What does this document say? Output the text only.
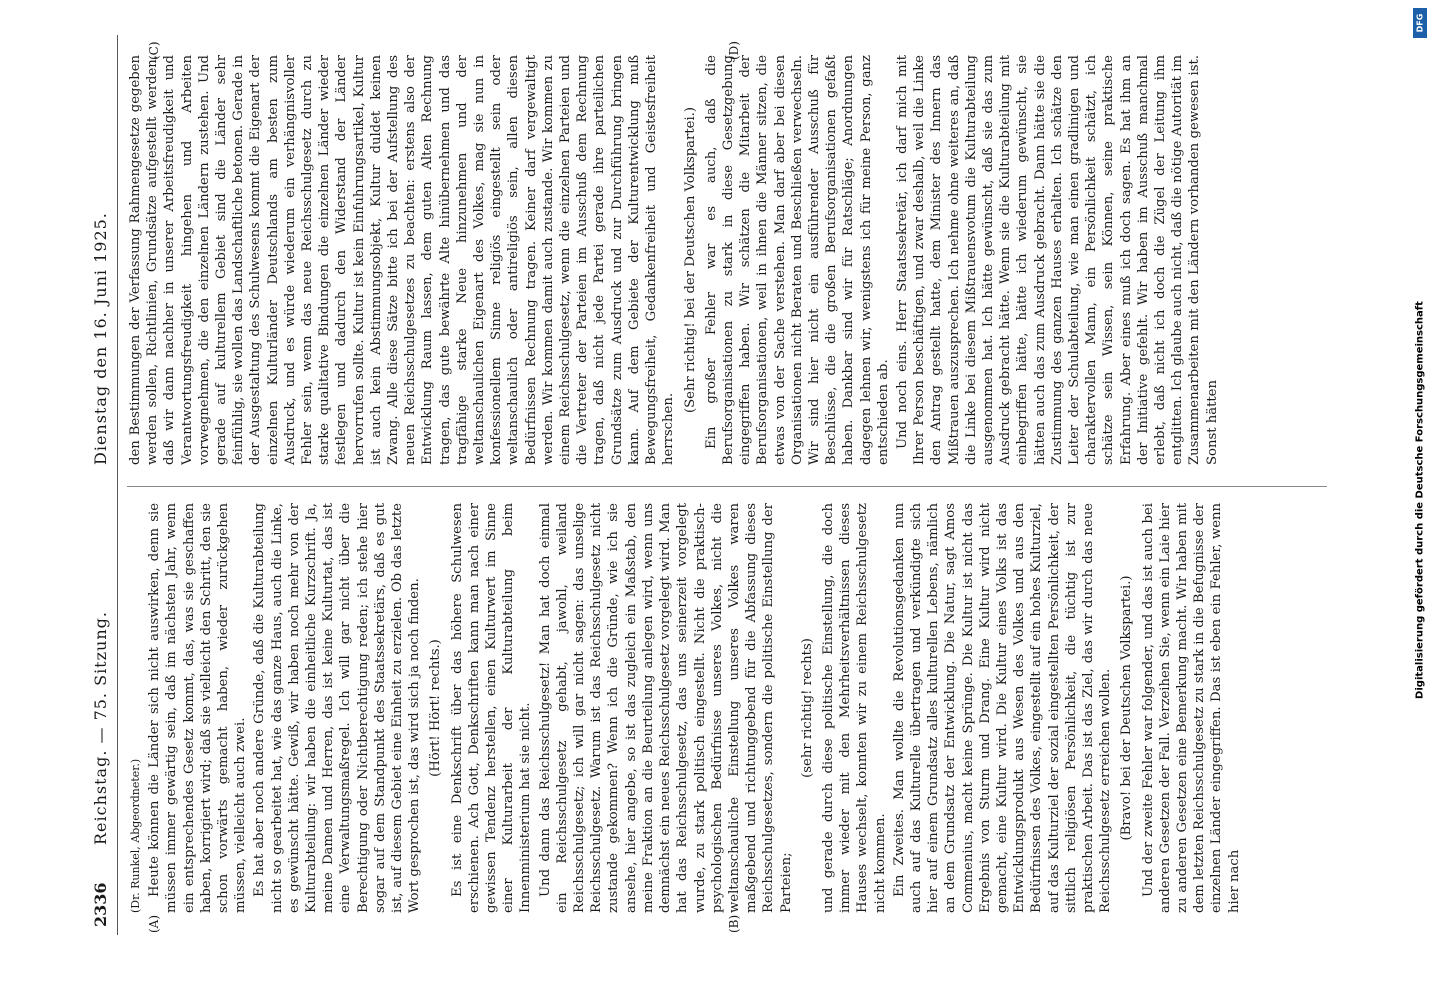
2336
Reichstag. — 75. Sitzung.
Dienstag den 16. Juni 1925.
(A)	(B)
(C)	(D)

(Dr. Runkel, Abgeordneter.) Heute können die Länder sich nicht auswirken, denn sie müssen immer gewärtig sein, daß im nächsten Jahr, wenn ein entsprechendes Gesetz kommt, das, was sie geschaffen haben, korrigiert wird; daß sie vielleicht den Schritt, den sie schon vorwärts gemacht haben, wieder zurückgehen müssen, vielleicht auch zwei. Es hat aber noch andere Gründe, daß die Kulturabteilung nicht so gearbeitet hat, wie das ganze Haus, auch die Linke, es gewünscht hätte. Gewiß, wir haben noch mehr von der Kulturabteilung: wir haben die einheitliche Kurzschrift. Ja, meine Damen und Herren, das ist keine Kulturtat, das ist eine Verwaltungsmaßregel. Ich will gar nicht über die Berechtigung oder Nichtberechtigung reden; ich stehe hier sogar auf dem Standpunkt des Staatssekretärs, daß es gut ist, auf diesem Gebiet eine Einheit zu erzielen. Ob das letzte Wort gesprochen ist, das wird sich ja noch finden. (Hört! Hört! rechts.) Es ist eine Denkschrift über das höhere Schulwesen erschienen. Ach Gott, Denkschriften kann man nach einer gewissen Tendenz herstellen, einen Kulturwert im Sinne einer Kulturarbeit der Kulturabteilung beim Innenministerium hat sie nicht. Und dann das Reichsschulgesetz! Man hat doch einmal ein Reichsschulgesetz gehabt, jawohl, weiland Reichsschulgesetz; ich will gar nicht sagen: das unselige Reichsschulgesetz. Warum ist das Reichsschulgesetz nicht zustande gekommen? Wenn ich die Gründe, wie ich sie ansehe, hier angebe, so ist das zugleich ein Maßstab, den meine Fraktion an die Beurteilung anlegen wird, wenn uns demnächst ein neues Reichsschulgesetz vorgelegt wird. Man hat das Reichsschulgesetz, das uns seinerzeit vorgelegt wurde, zu stark politisch eingestellt. Nicht die praktisch-psychologischen Bedürfnisse unseres Volkes, nicht die weltanschauliche Einstellung unseres Volkes waren maßgebend und richtunggebend für die Abfassung dieses Reichsschulgesetzes, sondern die politische Einstellung der Parteien;

(sehr richtig! rechts) und gerade durch diese politische Einstellung, die doch immer wieder mit den Mehrheitsverhältnissen dieses Hauses wechselt, konnten wir zu einem Reichsschulgesetz nicht kommen. Ein Zweites. Man wollte die Revolutionsgedanken nun auch auf das Kulturelle übertragen und verkündigte sich hier auf einem Grundsatz alles kulturellen Lebens, nämlich an dem Grundsatz der Entwicklung. Die Natur, sagt Amos Commenius, macht keine Sprünge. Die Kultur ist nicht das Ergebnis von Sturm und Drang. Eine Kultur wird nicht gemacht, eine Kultur wird. Die Kultur eines Volks ist das Entwicklungsprodukt aus Wesen des Volkes und aus den Bedürfnissen des Volkes, eingestellt auf ein hohes Kulturziel, auf das Kulturziel der sozial eingestellten Persönlichkeit, der sittlich religiösen Persönlichkeit, die tüchtig ist zur praktischen Arbeit. Das ist das Ziel, das wir durch das neue Reichsschulgesetz erreichen wollen. (Bravo! bei der Deutschen Volkspartei.) Und der zweite Fehler war folgender, und das ist auch bei anderen Gesetzen der Fall. Verzeihen Sie, wenn ein Laie hier zu anderen Gesetzen eine Bemerkung macht. Wir haben mit dem letzten Reichsschulgesetz zu stark in die Befugnisse der einzelnen Länder eingegriffen. Das ist eben ein Fehler, wenn hier nach

den Bestimmungen der Verfassung Rahmengesetze gegeben werden sollen, Richtlinien, Grundsätze aufgestellt werden, daß wir dann nachher in unserer Arbeitsfreudigkeit und Verantwortungsfreudigkeit hingehen und Arbeiten vorwegnehmen, die den einzelnen Ländern zustehen. Und gerade auf kulturellem Gebiet sind die Länder sehr feinfühlig, sie wollen das Landschaftliche betonen. Gerade in der Ausgestaltung des Schulwesens kommt die Eigenart der einzelnen Kulturländer Deutschlands am besten zum Ausdruck, und es würde wiederum ein verhängnisvoller Fehler sein, wenn das neue Reichsschulgesetz durch zu starke qualitative Bindungen die einzelnen Länder wieder festlegen und dadurch den Widerstand der Länder hervorrufen sollte. Kultur ist kein Einfuhrungsartikel, Kultur ist auch kein Abstimmungsobjekt, Kultur duldet keinen Zwang. Alle diese Sätze bitte ich bei der Aufstellung des neuen Reichsschulgesetzes zu beachten: erstens also der Entwicklung Raum lassen, dem guten Alten Rechnung tragen, das gute bewährte Alte hinübernehmen und das tragfähige starke Neue hinzunehmen und der weltanschaulichen Eigenart des Volkes, mag sie nun in konfessionellem Sinne religiös eingestellt sein oder weltanschaulich oder antireligiös sein, allen diesen Bedürfnissen Rechnung tragen. Keiner darf vergewaltigt werden. Wir kommen damit auch zustande. Wir kommen zu einem Reichsschulgesetz, wenn die einzelnen Parteien und die Vertreter der Parteien im Ausschuß dem Rechnung tragen, daß nicht jede Partei gerade ihre parteilichen Grundsätze zum Ausdruck und zur Durchführung bringen kann. Auf dem Gebiete der Kulturentwicklung muß Bewegungsfreiheit, Gedankenfreiheit und Geistesfreiheit herrschen.

(Sehr richtig! bei der Deutschen Volkspartei.) Ein großer Fehler war es auch, daß die Berufsorganisationen zu stark in diese Gesetzgebung eingegriffen haben. Wir schätzen die Mitarbeit der Berufsorganisationen, weil in ihnen die Männer sitzen, die etwas von der Sache verstehen. Man darf aber bei diesen Organisationen nicht Beraten und Beschließen verwechseln. Wir sind hier nicht ein ausführender Ausschuß für Beschlüsse, die die großen Berufsorganisationen gefaßt haben. Dankbar sind wir für Ratschläge; Anordnungen dagegen lehnen wir, wenigstens ich für meine Person, ganz entschieden ab. Und noch eins. Herr Staatssekretär, ich darf mich mit Ihrer Person beschäftigen, und zwar deshalb, weil die Linke den Antrag gestellt hatte, dem Minister des Innern das Mißtrauen auszusprechen. Ich nehme ohne weiteres an, daß die Linke bei diesem Mißtrauensvotum die Kulturabteilung ausgenommen hat. Ich hätte gewünscht, daß sie das zum Ausdruck gebracht hätte. Wenn sie die Kulturabteilung mit einbegriffen hätte, hätte ich wiederum gewünscht, sie hätten auch das zum Ausdruck gebracht. Dann hätte sie die Zustimmung des ganzen Hauses erhalten. Ich schätze den Leiter der Schulabteilung, wie man einen gradlinigen und charaktervollen Mann, ein Persönlichkeit schätzt, ich schätze sein Wissen, sein Können, seine praktische Erfahrung. Aber eines muß ich doch sagen. Es hat ihm an der Initiative gefehlt. Wir haben im Ausschuß manchmal erlebt, daß nicht ich doch die Zügel der Leitung ihm entglitten. Ich glaube auch nicht, daß die nötige Autorität im Zusammenarbeiten mit den Ländern vorhanden gewesen ist. Sonst hätten

DFG
Digitalisierung gefördert durch die Deutsche Forschungsgemeinschaft
